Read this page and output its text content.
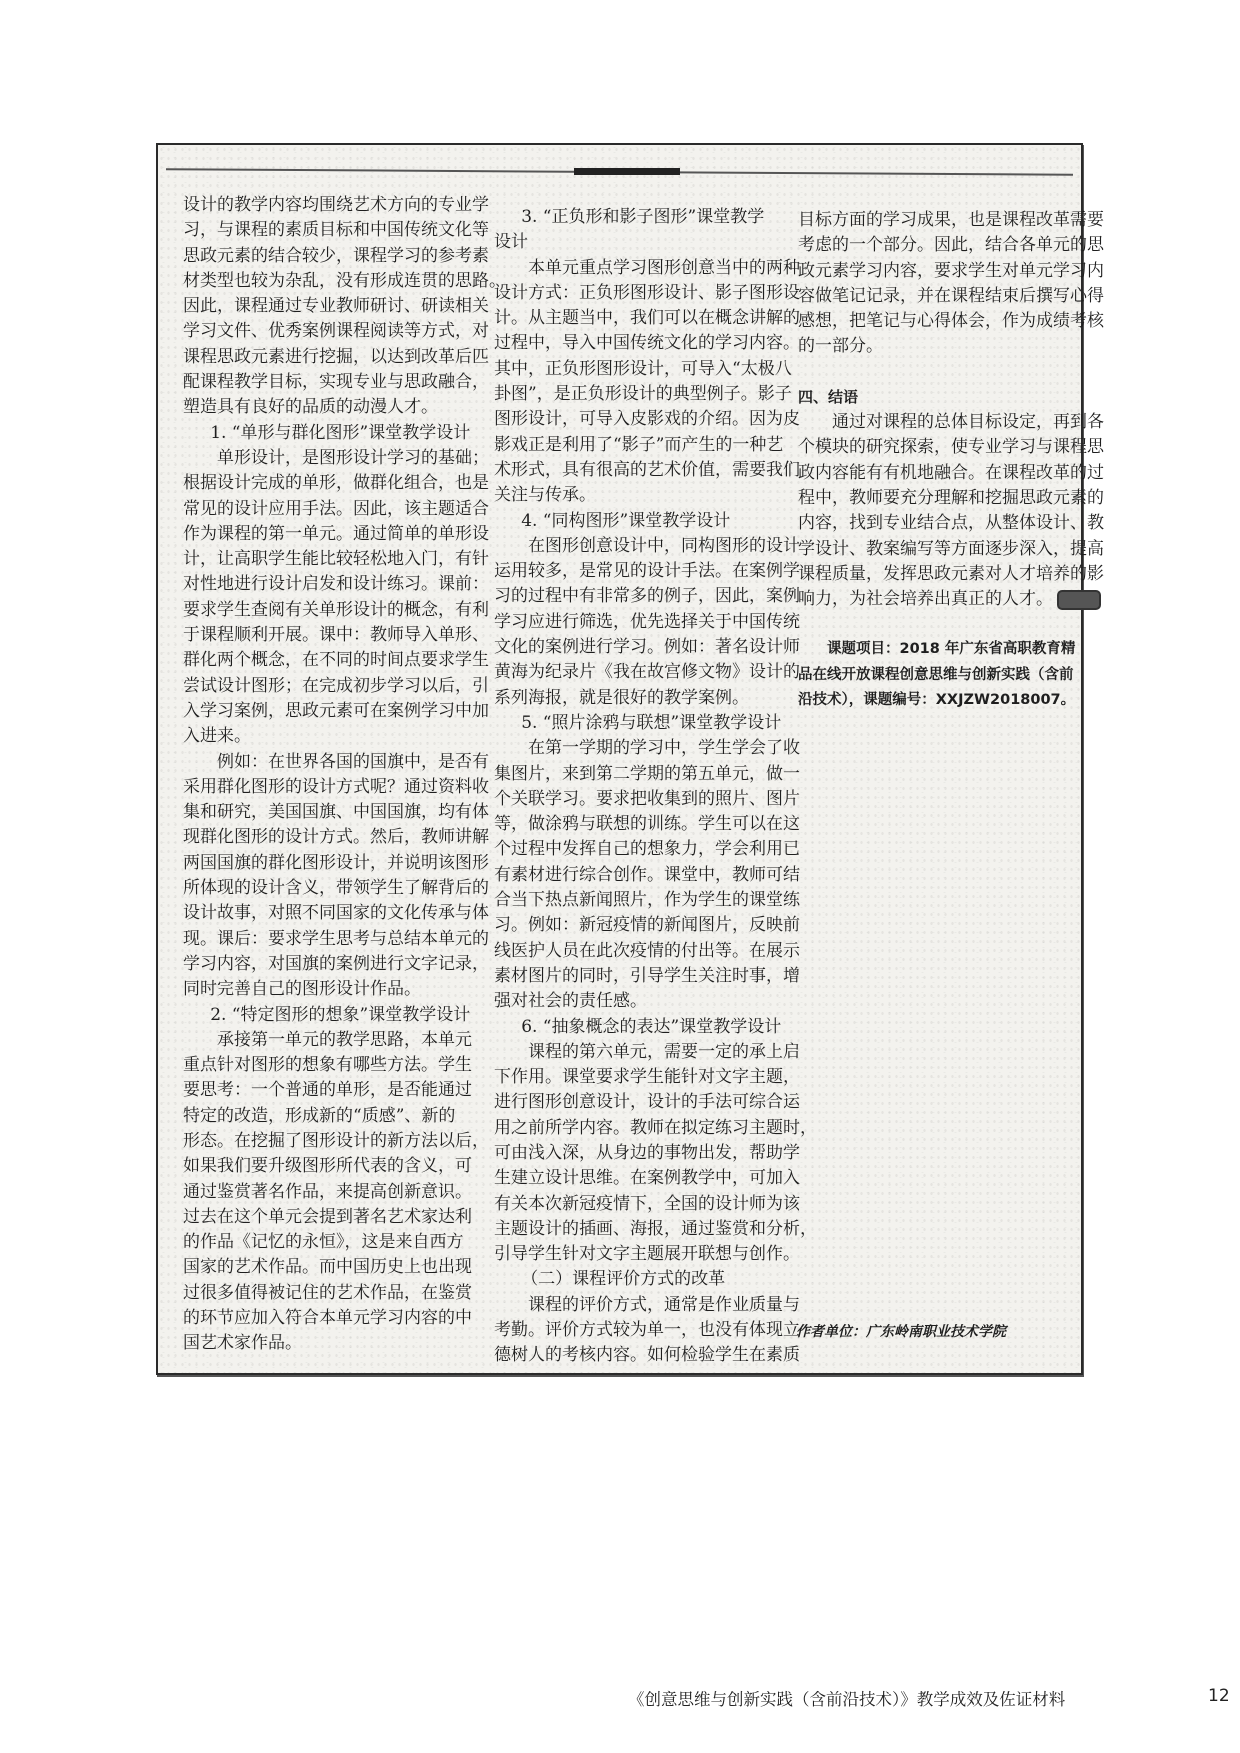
设计的教学内容均围绕艺术方向的专业学
习，与课程的素质目标和中国传统文化等
思政元素的结合较少，课程学习的参考素
材类型也较为杂乱，没有形成连贯的思路。
因此，课程通过专业教师研讨、研读相关
学习文件、优秀案例课程阅读等方式，对
课程思政元素进行挖掘，以达到改革后匹
配课程教学目标，实现专业与思政融合，
塑造具有良好的品质的动漫人才。
1. “单形与群化图形”课堂教学设计
单形设计，是图形设计学习的基础；
根据设计完成的单形，做群化组合，也是
常见的设计应用手法。因此，该主题适合
作为课程的第一单元。通过简单的单形设
计，让高职学生能比较轻松地入门，有针
对性地进行设计启发和设计练习。课前：
要求学生查阅有关单形设计的概念，有利
于课程顺利开展。课中：教师导入单形、
群化两个概念，在不同的时间点要求学生
尝试设计图形；在完成初步学习以后，引
入学习案例，思政元素可在案例学习中加
入进来。
例如：在世界各国的国旗中，是否有
采用群化图形的设计方式呢？通过资料收
集和研究，美国国旗、中国国旗，均有体
现群化图形的设计方式。然后，教师讲解
两国国旗的群化图形设计，并说明该图形
所体现的设计含义，带领学生了解背后的
设计故事，对照不同国家的文化传承与体
现。课后：要求学生思考与总结本单元的
学习内容，对国旗的案例进行文字记录，
同时完善自己的图形设计作品。
2. “特定图形的想象”课堂教学设计
承接第一单元的教学思路，本单元
重点针对图形的想象有哪些方法。学生
要思考：一个普通的单形，是否能通过
特定的改造，形成新的“质感”、新的
形态。在挖掘了图形设计的新方法以后，
如果我们要升级图形所代表的含义，可
通过鉴赏著名作品，来提高创新意识。
过去在这个单元会提到著名艺术家达利
的作品《记忆的永恒》，这是来自西方
国家的艺术作品。而中国历史上也出现
过很多值得被记住的艺术作品，在鉴赏
的环节应加入符合本单元学习内容的中
国艺术家作品。
3. “正负形和影子图形”课堂教学
设计
本单元重点学习图形创意当中的两种
设计方式：正负形图形设计、影子图形设
计。从主题当中，我们可以在概念讲解的
过程中，导入中国传统文化的学习内容。
其中，正负形图形设计，可导入“太极八
卦图”，是正负形设计的典型例子。影子
图形设计，可导入皮影戏的介绍。因为皮
影戏正是利用了“影子”而产生的一种艺
术形式，具有很高的艺术价值，需要我们
关注与传承。
4. “同构图形”课堂教学设计
在图形创意设计中，同构图形的设计
运用较多，是常见的设计手法。在案例学
习的过程中有非常多的例子，因此，案例
学习应进行筛选，优先选择关于中国传统
文化的案例进行学习。例如：著名设计师
黄海为纪录片《我在故宫修文物》设计的
系列海报，就是很好的教学案例。
5. “照片涂鸦与联想”课堂教学设计
在第一学期的学习中，学生学会了收
集图片，来到第二学期的第五单元，做一
个关联学习。要求把收集到的照片、图片
等，做涂鸦与联想的训练。学生可以在这
个过程中发挥自己的想象力，学会利用已
有素材进行综合创作。课堂中，教师可结
合当下热点新闻照片，作为学生的课堂练
习。例如：新冠疫情的新闻图片，反映前
线医护人员在此次疫情的付出等。在展示
素材图片的同时，引导学生关注时事，增
强对社会的责任感。
6. “抽象概念的表达”课堂教学设计
课程的第六单元，需要一定的承上启
下作用。课堂要求学生能针对文字主题，
进行图形创意设计，设计的手法可综合运
用之前所学内容。教师在拟定练习主题时，
可由浅入深，从身边的事物出发，帮助学
生建立设计思维。在案例教学中，可加入
有关本次新冠疫情下，全国的设计师为该
主题设计的插画、海报，通过鉴赏和分析，
引导学生针对文字主题展开联想与创作。
（二）课程评价方式的改革
课程的评价方式，通常是作业质量与
考勤。评价方式较为单一，也没有体现立
德树人的考核内容。如何检验学生在素质
目标方面的学习成果，也是课程改革需要
考虑的一个部分。因此，结合各单元的思
政元素学习内容，要求学生对单元学习内
容做笔记记录，并在课程结束后撰写心得
感想，把笔记与心得体会，作为成绩考核
的一部分。
四、结语
通过对课程的总体目标设定，再到各
个模块的研究探索，使专业学习与课程思
政内容能有有机地融合。在课程改革的过
程中，教师要充分理解和挖掘思政元素的
内容，找到专业结合点，从整体设计、教
学设计、教案编写等方面逐步深入，提高
课程质量，发挥思政元素对人才培养的影
响力，为社会培养出真正的人才。
课题项目：2018 年广东省高职教育精
品在线开放课程创意思维与创新实践（含前
沿技术），课题编号：XXJZW2018007。
作者单位：广东岭南职业技术学院
《创意思维与创新实践（含前沿技术）》教学成效及佐证材料	12
